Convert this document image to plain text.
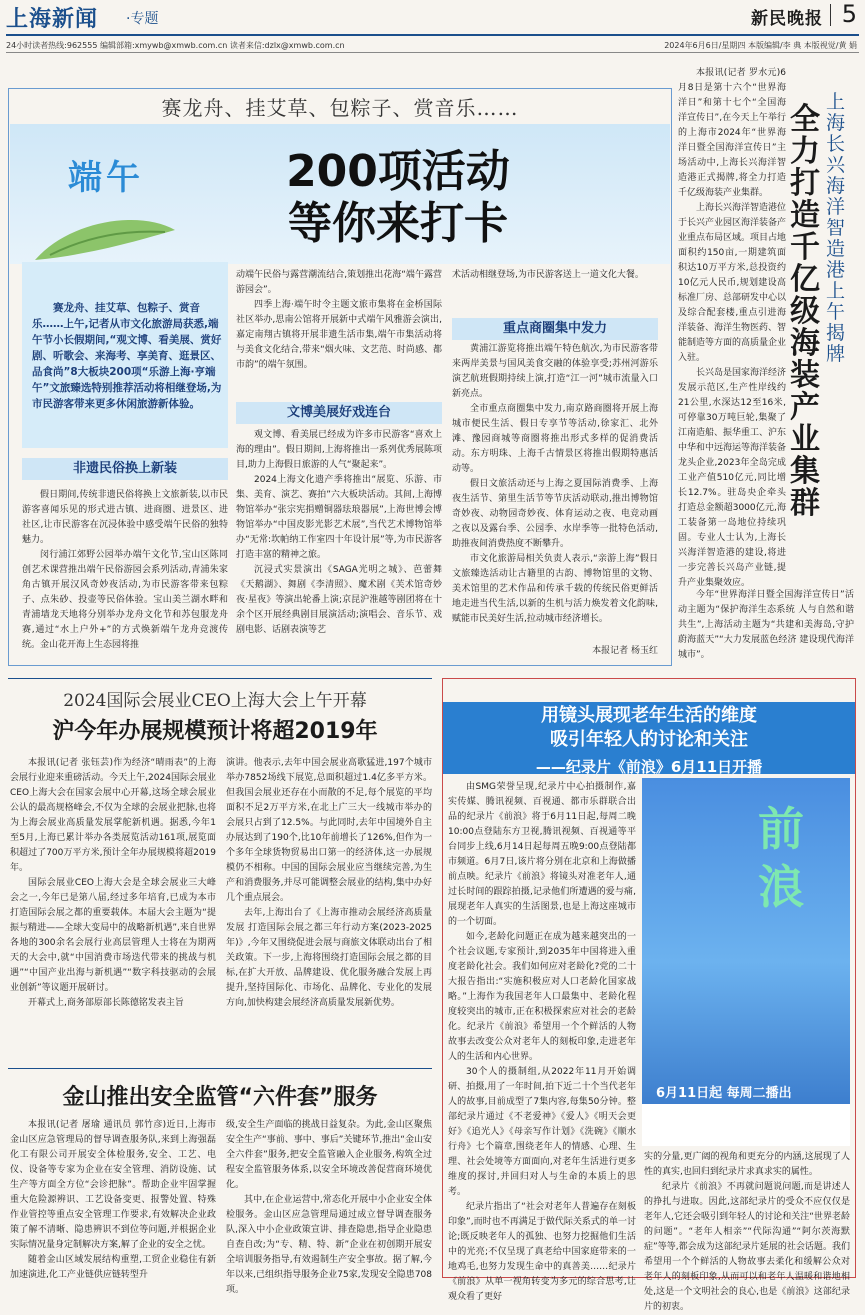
上海新闻 ·专题	新民晚报 5
24小时读者热线:962555 编辑部箱:xmywb@xmwb.com.cn 读者来信:dzlx@xmwb.com.cn	2024年6月6日/星期四 本版编辑/李 典 本版视觉/黄 娟
赛龙舟、挂艾草、包粽子、赏音乐……
端午	200项活动
等你来打卡
赛龙舟、挂艾草、包粽子、赏音乐……上午,记者从市文化旅游局获悉,端午节小长假期间,“观文博、看美展、赏好剧、听歌会、来海考、享美育、逛景区、品食尚”8大板块200项“乐游上海·亨端午”文旅臻选特别推荐活动将相继登场,为市民游客带来更多休闲旅游新体验。
非遗民俗换上新装

假日期间,传统非遗民俗将换上文旅新装,以市民游客喜闻乐见的形式进古镇、进商圈、进景区、进社区,让市民游客在沉浸体验中感受端午民俗的独特魅力。

闵行浦江郊野公园举办端午文化节,宝山区陈同创艺术课营推出端午民俗游园会系列活动,青浦朱家角古镇开展汉风奇妙夜活动,为市民游客带来包粽子、点朱砂、投壶等民俗体验。宝山美兰湖水畔和青浦墙龙天地将分别举办龙舟文化节和苏包服龙舟赛,通过“水上户外+”的方式焕新端午龙舟竞渡传统。金山花开海上生态园将推

动端午民俗与露营潮流结合,策划推出花海“端午露营游园会”。

四季上海·端午时令主题文旅市集将在金桥国际社区举办,思南公馆将开展新中式端午风雅游会演出,嘉定南翔古镇将开展非遗生活市集,端午市集活动将与美食文化结合,带来“烟火味、文艺范、时尚感、都市韵”的端午氛围。

文博美展好戏连台

观文博、看美展已经成为许多市民游客“喜欢上海的理由”。假日期间,上海将推出一系列优秀展陈项目,助力上海假日旅游的人气“聚起来”。

2024上海文化遗产季将推出“展览、乐游、市集、美育、演艺、赛拍”六大板块活动。其间,上海博物馆举办“张宗宪捐赠铜器珐琅器展”,上海世博会博物馆举办“中国皮影光影艺术展”,当代艺术博物馆举办“无常:坎帕纳工作室四十年设计展”等,为市民游客打造丰富的精神之旅。

沉浸式实景演出《SAGA光明之城》、芭蕾舞《天鹅湖》、舞剧《李清照》、魔术剧《芙术馆奇妙夜·星夜》等演出轮番上演;京昆沪淮越等剧团将在十余个区开展经典剧目展演活动;演唱会、音乐节、戏剧电影、话剧表演等艺

术活动相继登场,为市民游客送上一道文化大餐。

重点商圈集中发力

黄浦江游览将推出端午特色航次,为市民游客带来两岸美景与国风美食交融的体验享受;苏州河游乐演艺航班假期持续上演,打造“江一河”城市流量入口新亮点。

全市重点商圈集中发力,南京路商圈将开展上海城市便民生活、假日专享节等活动,徐家汇、北外滩、豫园商城等商圈将推出形式多样的促消费活动。东方明珠、上海千古情景区将推出假期特惠活动等。

假日文旅活动还与上海之夏国际消费季、上海夜生活节、第里生活节等节庆活动联动,推出博物馆奇妙夜、动物园奇妙夜、体育运动之夜、电竞动画之夜以及露台季、公园季、水岸季等一批特色活动,助推夜间消费热度不断攀升。

市文化旅游局相关负责人表示,“亲游上海”假日文旅臻选活动让古籍里的古韵、博物馆里的文物、美术馆里的艺术作品和传承千载的传统民俗更鲜活地走进当代生活,以新的生机与活力焕发着文化韵味,赋能市民美好生活,拉动城市经济增长。

本报记者 杨玉红
上海长兴海洋智造港上午揭牌
全力打造千亿级海装产业集群

本报讯(记者 罗水元)6月8日是第十六个“世界海洋日”和第十七个“全国海洋宣传日”,在今天上午举行的上海市2024年“世界海洋日暨全国海洋宣传日”主场活动中,上海长兴海洋智造港正式揭牌,将全力打造千亿级海装产业集群。

上海长兴海洋智造港位于长兴产业园区海洋装备产业重点布局区域。项目占地面积约150亩,一期建筑面积达10万平方米,总投资约10亿元人民币,规划建设高标准厂房、总部研发中心以及综合配套楼,重点引进海洋装备、海洋生物医药、智能制造等方面的高质量企业入驻。

长兴岛是国家海洋经济发展示范区,生产性岸线约21公里,水深达12至16米,可停靠30万吨巨轮,集聚了江南造船、振华重工、沪东中华和中远海运等海洋装备龙头企业,2023年全岛完成工业产值510亿元,同比增长12.7%。驻岛央企牵头打造总金额超3000亿元,海工装备第一岛地位持续巩固。专业人士认为,上海长兴海洋智造港的建设,将进一步完善长兴岛产业链,提升产业集聚效应。

今年“世界海洋日暨全国海洋宣传日”活动主题为“保护海洋生态系统 人与自然和谐共生”,上海活动主题为“共建和美海岛,守护蔚海蓝天”“大力发展蓝色经济 建设现代海洋城市”。

2024国际会展业CEO上海大会上午开幕
沪今年办展规模预计将超2019年

本报讯(记者 张钰芸)作为经济“晴雨表”的上海会展行业迎来重磅活动。今天上午,2024国际会展业CEO上海大会在国家会展中心开幕,这场全球会展业公认的最高规格峰会,不仅为全球的会展业把脉,也将为上海会展业高质量发展掌舵新机遇。据悉,今年1至5月,上海已累计举办各类展览活动161项,展览面积超过了700万平方米,预计全年办展规模将超2019年。

国际会展业CEO上海大会是全球会展业三大峰会之一,今年已是第八届,经过多年培育,已成为本市打造国际会展之都的重要载体。本届大会主题为“提振与精进——全球大变局中的战略新机遇”,来自世界各地的300余名会展行业高层管理人士将在为期两天的大会中,就“中国消费市场迭代带来的挑战与机遇”“中国产业出海与新机遇”“数字科技驱动的会展业创新”等议题开展研讨。

开幕式上,商务部原部长陈德铭发表主旨

演讲。他表示,去年中国会展业高歌猛进,197个城市举办7852场线下展览,总面积超过1.4亿多平方米。但我国会展业还存在小而散的不足,每个展览的平均面积不足2万平方米,在北上广三大一线城市举办的会展只占到了12.5%。与此同时,去年中国境外自主办展达到了190个,比10年前增长了126%,但作为一个多年全球货物贸易出口第一的经济体,这一办展规模仍不相称。中国的国际会展业应当继续完善,为生产和消费服务,并尽可能调整会展业的结构,集中办好几个重点展会。

去年,上海出台了《上海市推动会展经济高质量发展 打造国际会展之都三年行动方案(2023-2025年)》,今年又围绕促进会展与商旅文体联动出台了相关政策。下一步,上海将围绕打造国际会展之都的目标,在扩大开放、品牌建设、优化服务融合发展上再提升,坚持国际化、市场化、品牌化、专业化的发展方向,加快构建会展经济高质量发展新优势。

用镜头展现老年生活的维度
吸引年轻人的讨论和关注
——纪录片《前浪》6月11日开播
前浪
6月11日起 每周二播出

由SMG荣誉呈现,纪录片中心拍摄制作,嘉实传媒、腾讯视频、百视通、都市乐群联合出品的纪录片《前浪》将于6月11日起,每周二晚10:00点登陆东方卫视,腾讯视频、百视通等平台同步上线,6月14日起每周五晚9:00点登陆都市频道。6月7日,该片将分别在北京和上海做播前点映。纪录片《前浪》将镜头对准老年人,通过长时间的跟踪拍摄,记录他们所遭遇的爱与痛,展现老年人真实的生活图景,也是上海这座城市的一个切面。

如今,老龄化问题正在成为越来越突出的一个社会议题,专家预计,到2035年中国将进入重度老龄化社会。我们如何应对老龄化?党的二十大报告指出:“实施积极应对人口老龄化国家战略。”上海作为我国老年人口最集中、老龄化程度较突出的城市,正在积极探索应对社会的老龄化。纪录片《前浪》希望用一个个鲜活的人物故事去改变公众对老年人的刻板印象,走进老年人的生活和内心世界。

30个人的摄制组,从2022年11月开始调研、拍摄,用了一年时间,拍下近二十个当代老年人的故事,目前成型了7集内容,每集50分钟。整部纪录片通过《不老爱神》《爱人》《明天会更好》《追光人》《母亲写作计划》《洗碗》《顺水行舟》七个篇章,围绕老年人的情感、心理、生理、社会处境等方面面向,对老年生活进行更多维度的探讨,并回归对人与生命的本质上的思考。

纪录片指出了“社会对老年人普遍存在刻板印象”,而时也不再满足于做代际关系式的单一讨论;既反映老年人的孤独、也努力挖掘他们生活中的光亮;不仅呈现了真老给中国家庭带来的一地鸡毛,也努力发现生命中的真善美……纪录片《前浪》从单一视角转变为多元的综合思考,让观众看了更好

实的分量,更广阔的视角和更充分的内涵,这展现了人性的真实,也回归到纪录片求真求实的属性。

纪录片《前浪》不再就问题说问题,而是讲述人的挣扎与进取。因此,这部纪录片的受众不应仅仅是老年人,它还会吸引到年轻人的讨论和关注“世界老龄的问题”。“老年人相亲”“代际沟通”“阿尔茨海默症”等等,都会成为这部纪录片延展的社会话题。我们希望用一个个鲜活的人物故事去柔化和缓解公众对老年人的刻板印象,从而可以和老年人温暖和谐地相处,这是一个文明社会的良心,也是《前浪》这部纪录片的初衷。

金山推出安全监管“六件套”服务

本报讯(记者 屠瑜 通讯员 郭竹彦)近日,上海市金山区应急管理局的督导调查服务队,来到上海强磊化工有限公司开展安全体检服务,安全、工艺、电仪、设备等专家为企业在安全管理、消防设施、试生产等方面全方位“会诊把脉”。帮助企业牢固掌握重大危险源辨识、工艺设备变更、报警处置、特殊作业管控等重点安全管理工作要求,有效解决企业政策了解不清晰、隐患辨识不到位等问题,并根据企业实际情况量身定制解决方案,解了企业的安全之忧。

随着金山区域发展结构重塑,工贸企业稳住有新加速演进,化工产业链供应链转型升

级,安全生产面临的挑战日益复杂。为此,金山区聚焦安全生产“事前、事中、事后”关键环节,推出“金山安全六件套”服务,把安全监管融入企业服务,构筑全过程安全监管服务体系,以安全环境改善促营商环境优化。

其中,在企业运营中,常态化开展中小企业安全体检服务。金山区应急管理局通过成立督导调查服务队,深入中小企业政策宣讲、排查隐患,指导企业隐患自查自改;为“专、精、特、新”企业在初创期开展安全培训服务指导,有效遏制生产安全事故。据了解,今年以来,已组织指导服务企业75家,发现安全隐患708项。
